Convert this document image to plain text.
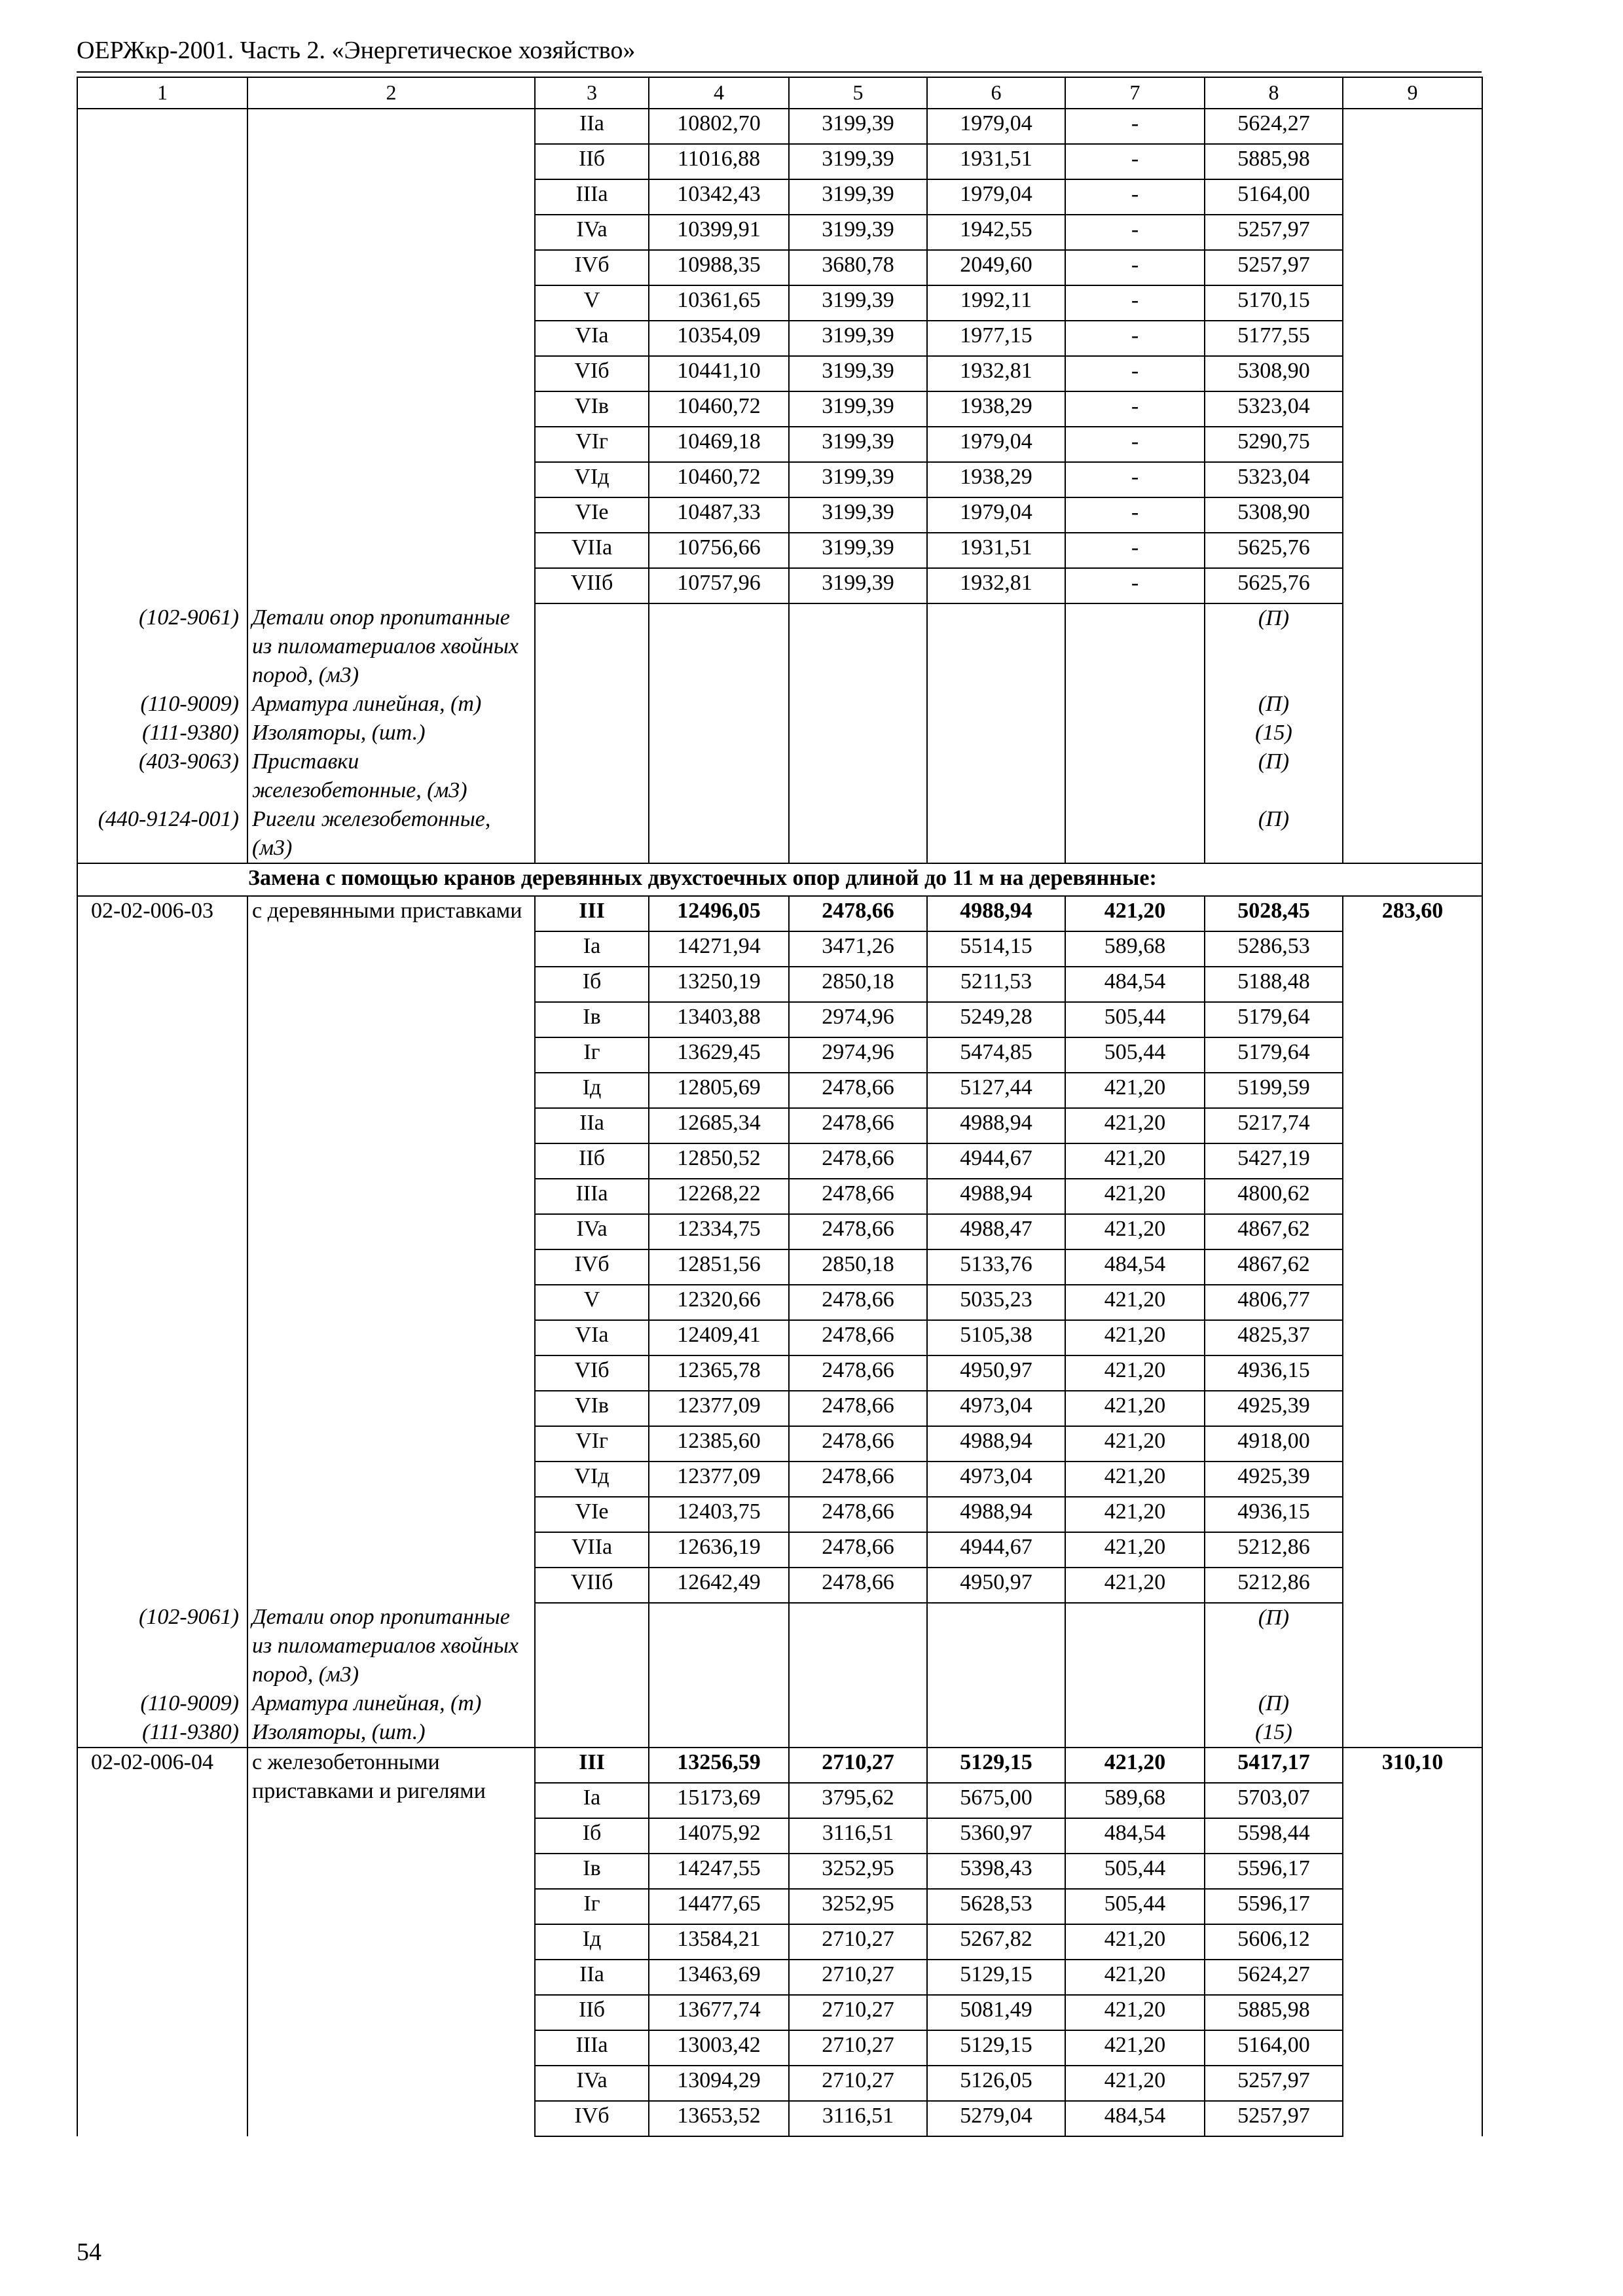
ОЕРЖкр-2001. Часть 2. «Энергетическое хозяйство»
1	2	3	4	5	6	7	8	9
		IIa	10802,70	3199,39	1979,04	-	5624,27	
		IIб	11016,88	3199,39	1931,51	-	5885,98	
		IIIa	10342,43	3199,39	1979,04	-	5164,00	
		IVa	10399,91	3199,39	1942,55	-	5257,97	
		IVб	10988,35	3680,78	2049,60	-	5257,97	
		V	10361,65	3199,39	1992,11	-	5170,15	
		VIa	10354,09	3199,39	1977,15	-	5177,55	
		VIб	10441,10	3199,39	1932,81	-	5308,90	
		VIв	10460,72	3199,39	1938,29	-	5323,04	
		VIг	10469,18	3199,39	1979,04	-	5290,75	
		VIд	10460,72	3199,39	1938,29	-	5323,04	
		VIe	10487,33	3199,39	1979,04	-	5308,90	
		VIIa	10756,66	3199,39	1931,51	-	5625,76	
		VIIб	10757,96	3199,39	1932,81	-	5625,76	
(102-9061)	Детали опор пропитанные из пиломатериалов хвойных пород, (м3)						(П)	
(110-9009)	Арматура линейная, (т)						(П)	
(111-9380)	Изоляторы, (шт.)						(15)	
(403-9063)	Приставки железобетонные, (м3)						(П)	
(440-9124-001)	Ригели железобетонные, (м3)						(П)	
Замена с помощью кранов деревянных двухстоечных опор длиной до 11 м на деревянные:								
02-02-006-03	с деревянными приставками	III	12496,05	2478,66	4988,94	421,20	5028,45	283,60
		Ia	14271,94	3471,26	5514,15	589,68	5286,53	
		Iб	13250,19	2850,18	5211,53	484,54	5188,48	
		Iв	13403,88	2974,96	5249,28	505,44	5179,64	
		Iг	13629,45	2974,96	5474,85	505,44	5179,64	
		Iд	12805,69	2478,66	5127,44	421,20	5199,59	
		IIa	12685,34	2478,66	4988,94	421,20	5217,74	
		IIб	12850,52	2478,66	4944,67	421,20	5427,19	
		IIIa	12268,22	2478,66	4988,94	421,20	4800,62	
		IVa	12334,75	2478,66	4988,47	421,20	4867,62	
		IVб	12851,56	2850,18	5133,76	484,54	4867,62	
		V	12320,66	2478,66	5035,23	421,20	4806,77	
		VIa	12409,41	2478,66	5105,38	421,20	4825,37	
		VIб	12365,78	2478,66	4950,97	421,20	4936,15	
		VIв	12377,09	2478,66	4973,04	421,20	4925,39	
		VIг	12385,60	2478,66	4988,94	421,20	4918,00	
		VIд	12377,09	2478,66	4973,04	421,20	4925,39	
		VIe	12403,75	2478,66	4988,94	421,20	4936,15	
		VIIa	12636,19	2478,66	4944,67	421,20	5212,86	
		VIIб	12642,49	2478,66	4950,97	421,20	5212,86	
(102-9061)	Детали опор пропитанные из пиломатериалов хвойных пород, (м3)						(П)	
(110-9009)	Арматура линейная, (т)						(П)	
(111-9380)	Изоляторы, (шт.)						(15)	
02-02-006-04	с железобетонными приставками и ригелями	III	13256,59	2710,27	5129,15	421,20	5417,17	310,10
		Ia	15173,69	3795,62	5675,00	589,68	5703,07	
		Iб	14075,92	3116,51	5360,97	484,54	5598,44	
		Iв	14247,55	3252,95	5398,43	505,44	5596,17	
		Iг	14477,65	3252,95	5628,53	505,44	5596,17	
		Iд	13584,21	2710,27	5267,82	421,20	5606,12	
		IIa	13463,69	2710,27	5129,15	421,20	5624,27	
		IIб	13677,74	2710,27	5081,49	421,20	5885,98	
		IIIa	13003,42	2710,27	5129,15	421,20	5164,00	
		IVa	13094,29	2710,27	5126,05	421,20	5257,97	
		IVб	13653,52	3116,51	5279,04	484,54	5257,97	
54
